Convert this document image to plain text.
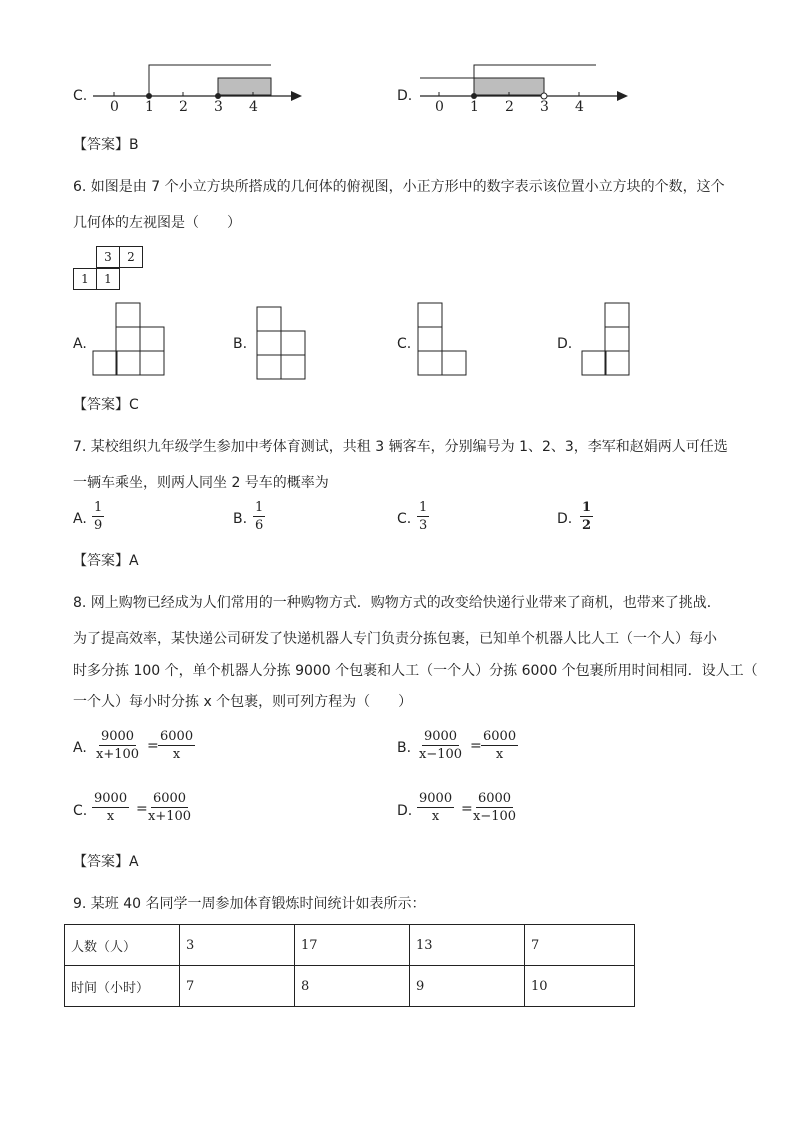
C.
0 1 2 3 4
D.
0 1 2 3 4
【答案】B
6. 如图是由 7 个小立方块所搭成的几何体的俯视图，小正方形中的数字表示该位置小立方块的个数，这个
几何体的左视图是（　　）
3	2
1	1
A.	B.	C.	D.
【答案】C
7. 某校组织九年级学生参加中考体育测试，共租 3 辆客车，分别编号为 1、2、3，李军和赵娟两人可任选
一辆车乘坐，则两人同坐 2 号车的概率为
A. $\frac{1}{9}$	B. $\frac{1}{6}$	C. $\frac{1}{3}$	D. $\frac{1}{2}$
【答案】A
8. 网上购物已经成为人们常用的一种购物方式．购物方式的改变给快递行业带来了商机，也带来了挑战．
为了提高效率，某快递公司研发了快递机器人专门负责分拣包裹，已知单个机器人比人工（一个人）每小
时多分拣 100 个，单个机器人分拣 9000 个包裹和人工（一个人）分拣 6000 个包裹所用时间相同．设人工（
一个人）每小时分拣 x 个包裹，则可列方程为（　　）
A. $\frac{9000}{x+100} = \frac{6000}{x}$	B. $\frac{9000}{x-100} = \frac{6000}{x}$
C. $\frac{9000}{x}$ =
$\frac{6000}{x+100}$	D. $\frac{9000}{x}$ =
$\frac{6000}{x-100}$
【答案】A
9. 某班 40 名同学一周参加体育锻炼时间统计如表所示：
人数（人）	3	17	13	7
时间（小时）	7	8	9	10
